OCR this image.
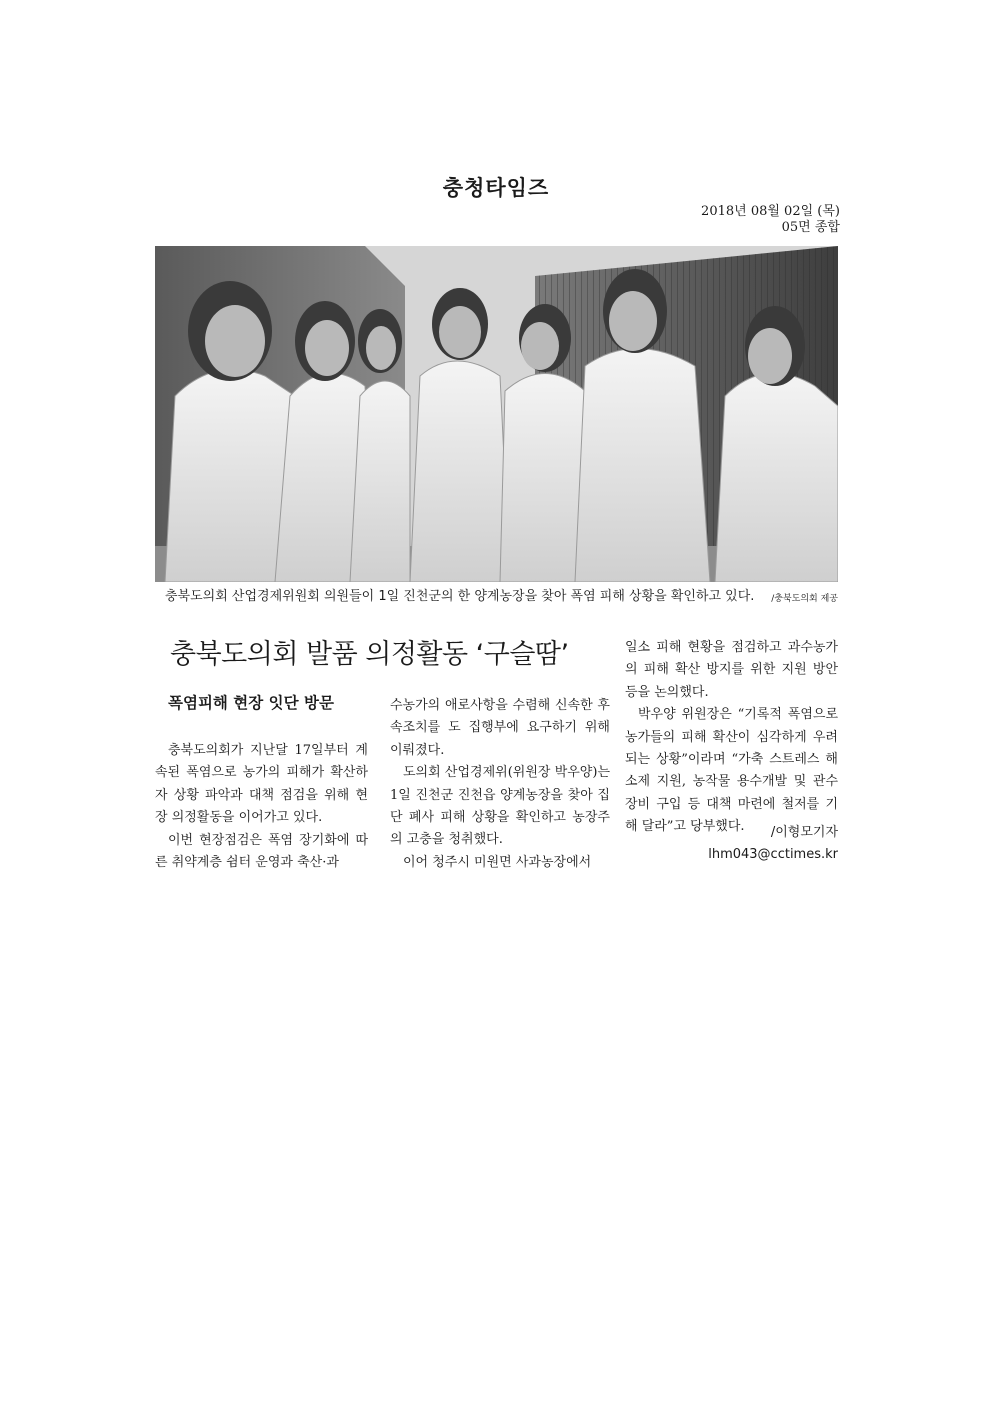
충청타임즈
2018년 08월 02일 (목)
05면 종합
충북도의회 산업경제위원회 의원들이 1일 진천군의 한 양계농장을 찾아 폭염 피해 상황을 확인하고 있다. /충북도의회 제공
충북도의회 발품 의정활동 ‘구슬땀’
폭염피해 현장 잇단 방문

충북도의회가 지난달 17일부터 계속된 폭염으로 농가의 피해가 확산하자 상황 파악과 대책 점검을 위해 현장 의정활동을 이어가고 있다.

이번 현장점검은 폭염 장기화에 따른 취약계층 쉼터 운영과 축산·과

수농가의 애로사항을 수렴해 신속한 후속조치를 도 집행부에 요구하기 위해 이뤄졌다.

도의회 산업경제위(위원장 박우양)는 1일 진천군 진천읍 양계농장을 찾아 집단 폐사 피해 상황을 확인하고 농장주의 고충을 청취했다.

이어 청주시 미원면 사과농장에서

일소 피해 현황을 점검하고 과수농가의 피해 확산 방지를 위한 지원 방안 등을 논의했다.

박우양 위원장은 “기록적 폭염으로 농가들의 피해 확산이 심각하게 우려되는 상황”이라며 “가축 스트레스 해소제 지원, 농작물 용수개발 및 관수장비 구입 등 대책 마련에 철저를 기해 달라”고 당부했다.	/이형모기자
lhm043@cctimes.kr
